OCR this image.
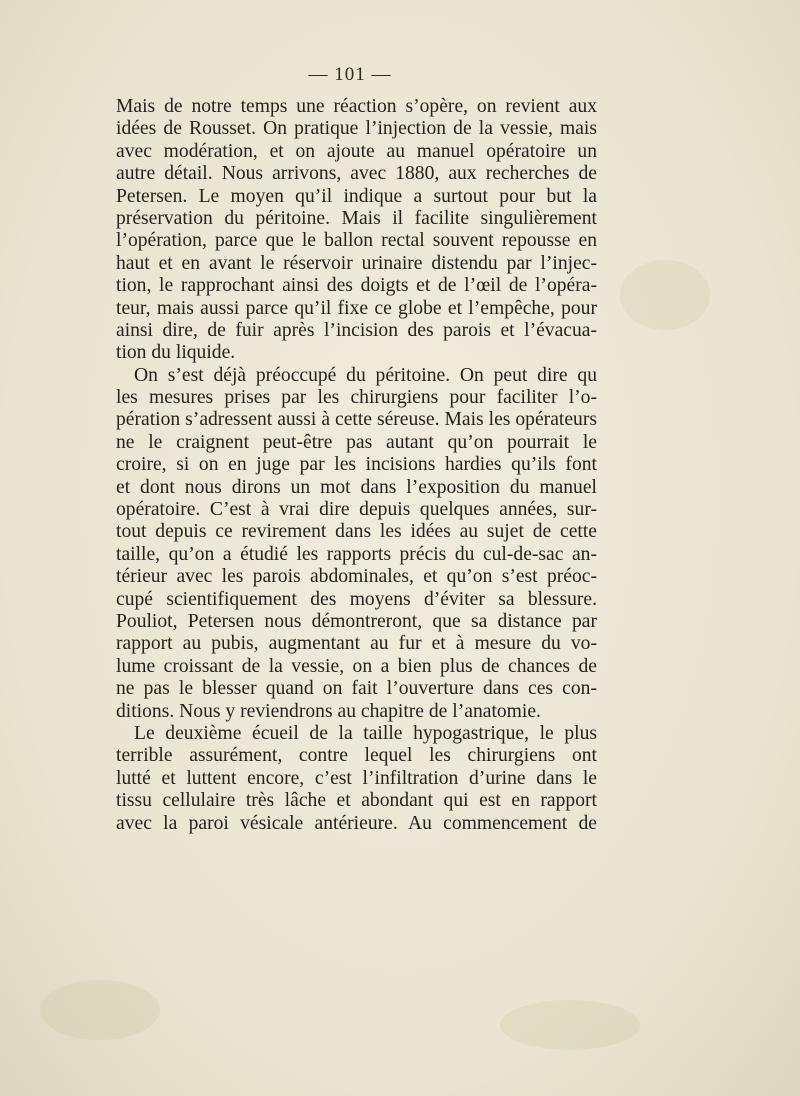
— 101 —
Mais de notre temps une réaction s’opère, on revient aux
idées de Rousset. On pratique l’injection de la vessie, mais
avec modération, et on ajoute au manuel opératoire un
autre détail. Nous arrivons, avec 1880, aux recherches de
Petersen. Le moyen qu’il indique a surtout pour but la
préservation du péritoine. Mais il facilite singulièrement
l’opération, parce que le ballon rectal souvent repousse en
haut et en avant le réservoir urinaire distendu par l’injec-
tion, le rapprochant ainsi des doigts et de l’œil de l’opéra-
teur, mais aussi parce qu’il fixe ce globe et l’empêche, pour
ainsi dire, de fuir après l’incision des parois et l’évacua-
tion du liquide.
On s’est déjà préoccupé du péritoine. On peut dire qu
les mesures prises par les chirurgiens pour faciliter l’o-
pération s’adressent aussi à cette séreuse. Mais les opérateurs
ne le craignent peut-être pas autant qu’on pourrait le
croire, si on en juge par les incisions hardies qu’ils font
et dont nous dirons un mot dans l’exposition du manuel
opératoire. C’est à vrai dire depuis quelques années, sur-
tout depuis ce revirement dans les idées au sujet de cette
taille, qu’on a étudié les rapports précis du cul-de-sac an-
térieur avec les parois abdominales, et qu’on s’est préoc-
cupé scientifiquement des moyens d’éviter sa blessure.
Pouliot, Petersen nous démontreront, que sa distance par
rapport au pubis, augmentant au fur et à mesure du vo-
lume croissant de la vessie, on a bien plus de chances de
ne pas le blesser quand on fait l’ouverture dans ces con-
ditions. Nous y reviendrons au chapitre de l’anatomie.
Le deuxième écueil de la taille hypogastrique, le plus
terrible assurément, contre lequel les chirurgiens ont
lutté et luttent encore, c’est l’infiltration d’urine dans le
tissu cellulaire très lâche et abondant qui est en rapport
avec la paroi vésicale antérieure. Au commencement de
